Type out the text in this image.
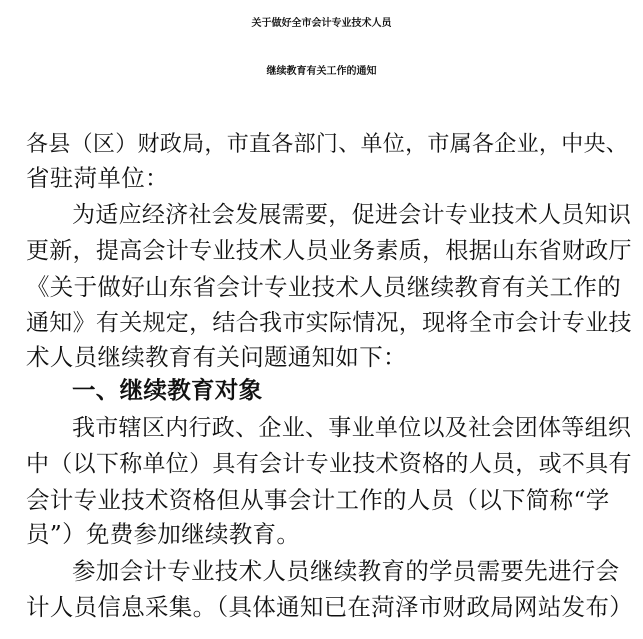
关于做好全市会计专业技术人员
继续教育有关工作的通知
各县（区）财政局，市直各部门、单位，市属各企业，中央、
省驻菏单位：
为适应经济社会发展需要，促进会计专业技术人员知识
更新，提高会计专业技术人员业务素质，根据山东省财政厅
《关于做好山东省会计专业技术人员继续教育有关工作的
通知》有关规定，结合我市实际情况，现将全市会计专业技
术人员继续教育有关问题通知如下：
一、继续教育对象
我市辖区内行政、企业、事业单位以及社会团体等组织
中（以下称单位）具有会计专业技术资格的人员，或不具有
会计专业技术资格但从事会计工作的人员（以下简称“学
员”）免费参加继续教育。
参加会计专业技术人员继续教育的学员需要先进行会
计人员信息采集。（具体通知已在菏泽市财政局网站发布）
